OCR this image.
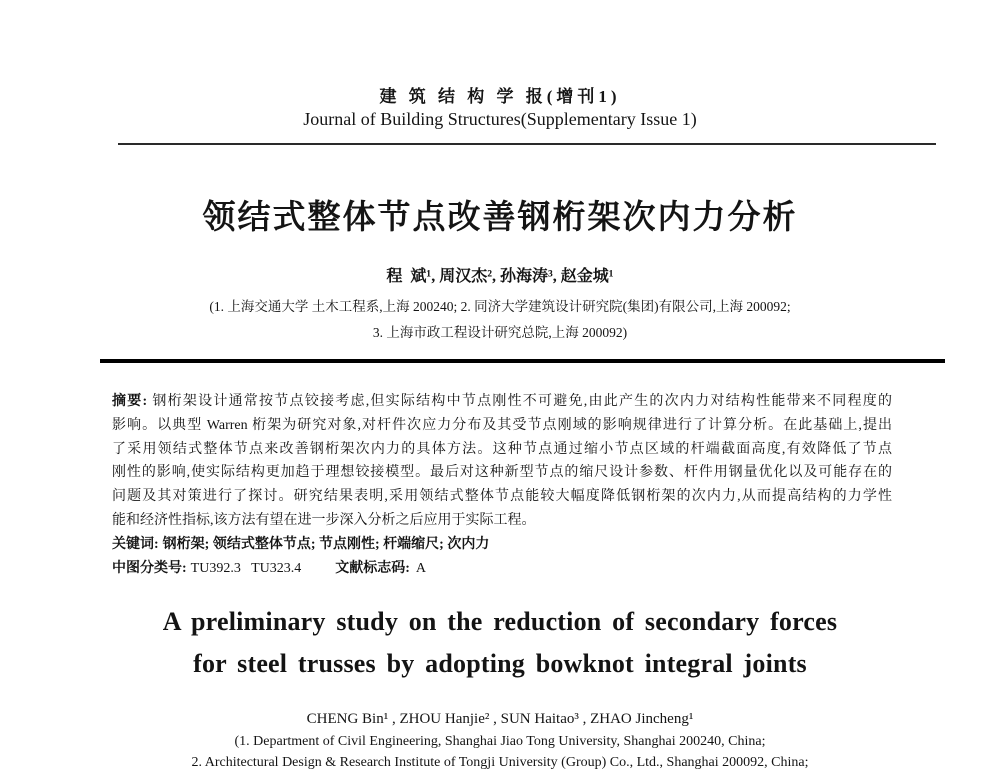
建 筑 结 构 学 报(增刊1)
Journal of Building Structures(Supplementary Issue 1)
领结式整体节点改善钢桁架次内力分析
程  斌¹, 周汉杰², 孙海涛³, 赵金城¹
(1. 上海交通大学 土木工程系,上海 200240; 2. 同济大学建筑设计研究院(集团)有限公司,上海 200092;
3. 上海市政工程设计研究总院,上海 200092)
摘要: 钢桁架设计通常按节点铰接考虑,但实际结构中节点刚性不可避免,由此产生的次内力对结构性能带来不同程度的
影响。以典型 Warren 桁架为研究对象,对杆件次应力分布及其受节点刚域的影响规律进行了计算分析。在此基础上,提出
了采用领结式整体节点来改善钢桁架次内力的具体方法。这种节点通过缩小节点区域的杆端截面高度,有效降低了节点
刚性的影响,使实际结构更加趋于理想铰接模型。最后对这种新型节点的缩尺设计参数、杆件用钢量优化以及可能存在的
问题及其对策进行了探讨。研究结果表明,采用领结式整体节点能较大幅度降低钢桁架的次内力,从而提高结构的力学性
能和经济性指标,该方法有望在进一步深入分析之后应用于实际工程。
关键词: 钢桁架; 领结式整体节点; 节点刚性; 杆端缩尺; 次内力
中图分类号: TU392.3   TU323.4 文献标志码: A
A preliminary study on the reduction of secondary forces
for steel trusses by adopting bowknot integral joints
CHENG Bin¹ , ZHOU Hanjie² , SUN Haitao³ , ZHAO Jincheng¹
(1. Department of Civil Engineering, Shanghai Jiao Tong University, Shanghai 200240, China;
2. Architectural Design & Research Institute of Tongji University (Group) Co., Ltd., Shanghai 200092, China;
